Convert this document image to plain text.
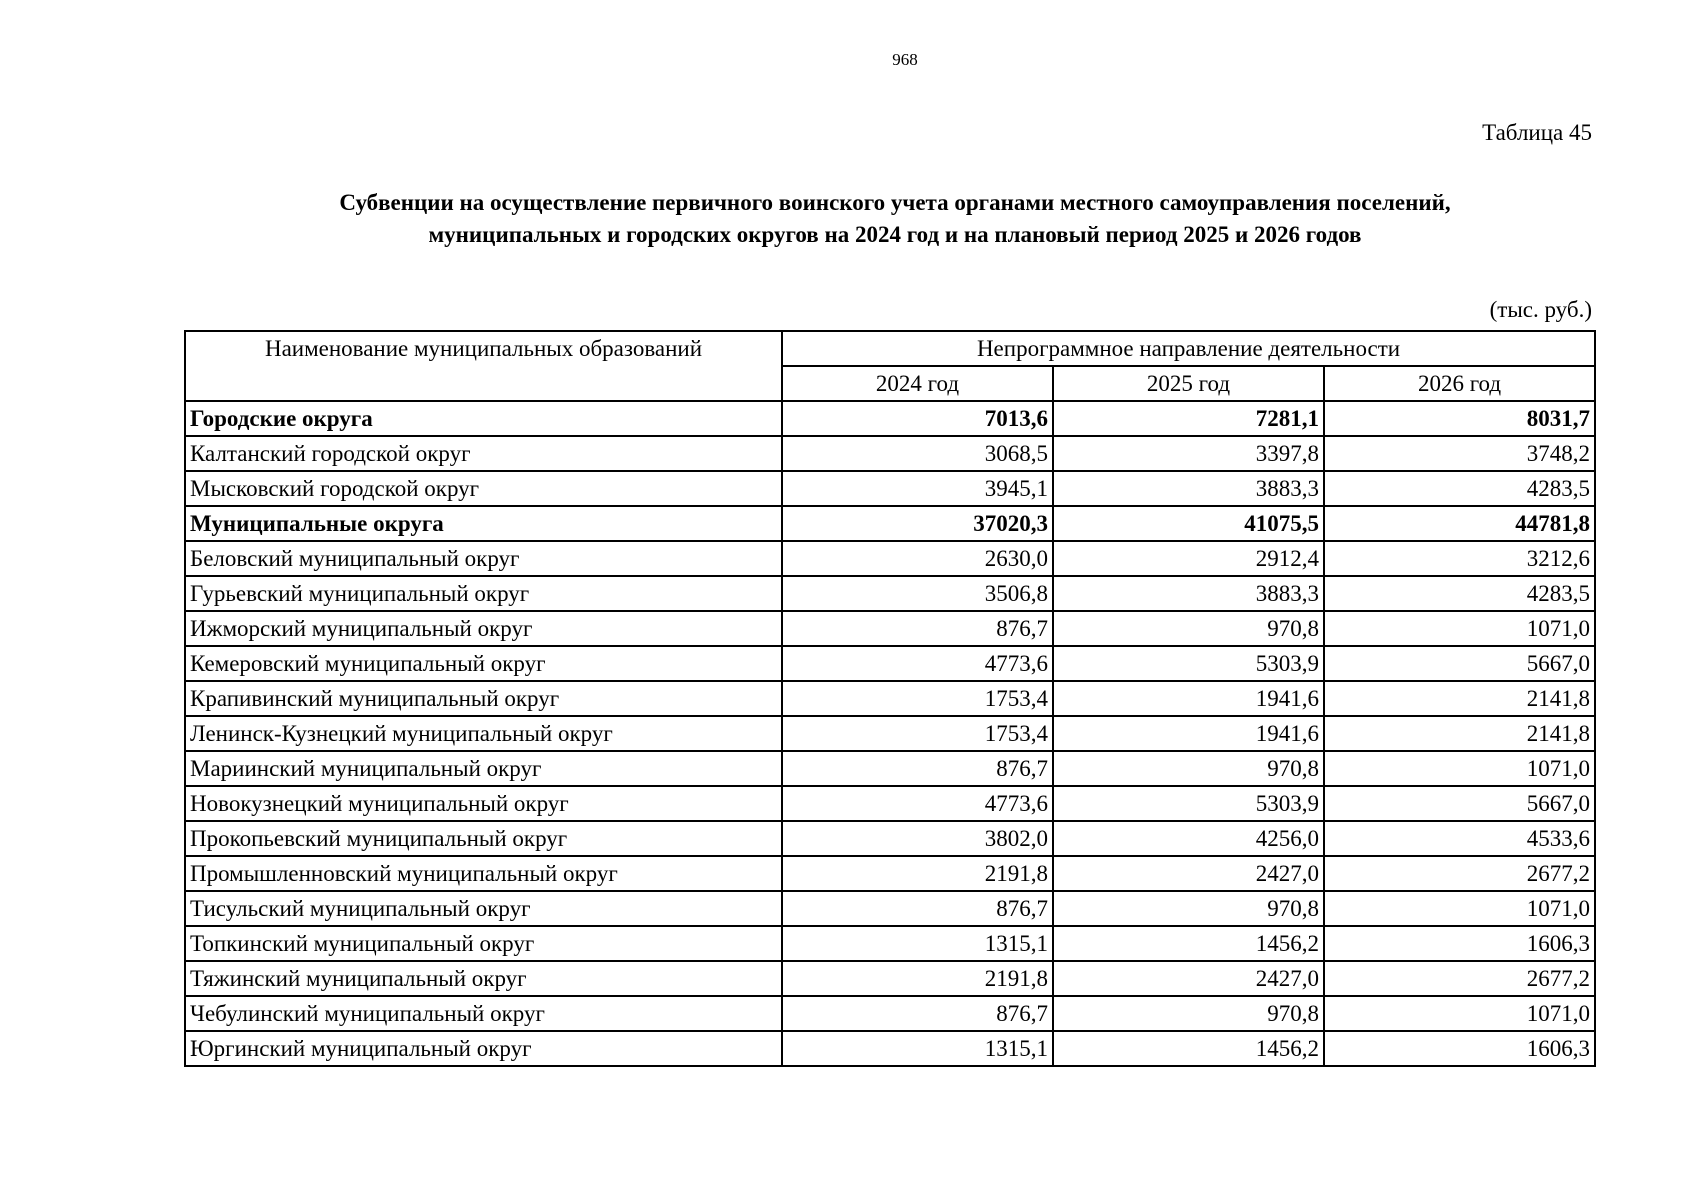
968
Таблица 45
Субвенции на осуществление первичного воинского учета органами местного самоуправления поселений,
муниципальных и городских округов на 2024 год и на плановый период 2025 и 2026 годов
(тыс. руб.)
Наименование муниципальных образований	Непрограммное направление деятельности		
	2024 год	2025 год	2026 год
Городские округа	7013,6	7281,1	8031,7
Калтанский городской округ	3068,5	3397,8	3748,2
Мысковский городской округ	3945,1	3883,3	4283,5
Муниципальные округа	37020,3	41075,5	44781,8
Беловский муниципальный округ	2630,0	2912,4	3212,6
Гурьевский муниципальный округ	3506,8	3883,3	4283,5
Ижморский муниципальный округ	876,7	970,8	1071,0
Кемеровский муниципальный округ	4773,6	5303,9	5667,0
Крапивинский муниципальный округ	1753,4	1941,6	2141,8
Ленинск-Кузнецкий муниципальный округ	1753,4	1941,6	2141,8
Мариинский муниципальный округ	876,7	970,8	1071,0
Новокузнецкий муниципальный округ	4773,6	5303,9	5667,0
Прокопьевский муниципальный округ	3802,0	4256,0	4533,6
Промышленновский муниципальный округ	2191,8	2427,0	2677,2
Тисульский муниципальный округ	876,7	970,8	1071,0
Топкинский муниципальный округ	1315,1	1456,2	1606,3
Тяжинский муниципальный округ	2191,8	2427,0	2677,2
Чебулинский муниципальный округ	876,7	970,8	1071,0
Юргинский муниципальный округ	1315,1	1456,2	1606,3
